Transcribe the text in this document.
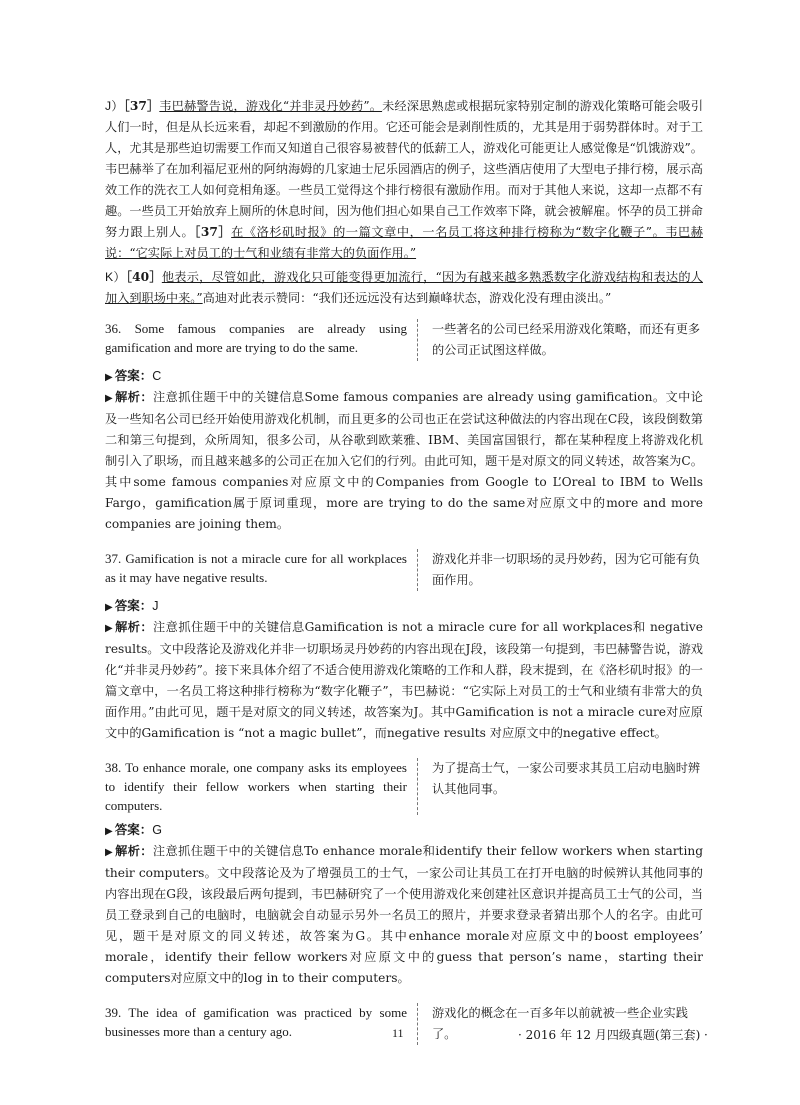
J）［37］韦巴赫警告说，游戏化“并非灵丹妙药”。未经深思熟虑或根据玩家特别定制的游戏化策略可能会吸引人们一时，但是从长远来看，却起不到激励的作用。它还可能会是剥削性质的，尤其是用于弱势群体时。对于工人，尤其是那些迫切需要工作而又知道自己很容易被替代的低薪工人，游戏化可能更让人感觉像是“饥饿游戏”。韦巴赫举了在加利福尼亚州的阿纳海姆的几家迪士尼乐园酒店的例子，这些酒店使用了大型电子排行榜，展示高效工作的洗衣工人如何竞相角逐。一些员工觉得这个排行榜很有激励作用。而对于其他人来说，这却一点都不有趣。一些员工开始放弃上厕所的休息时间，因为他们担心如果自己工作效率下降，就会被解雇。怀孕的员工拼命努力跟上别人。［37］在《洛杉矶时报》的一篇文章中，一名员工将这种排行榜称为“数字化鞭子”。韦巴赫说：“它实际上对员工的士气和业绩有非常大的负面作用。”

K）［40］他表示，尽管如此，游戏化只可能变得更加流行，“因为有越来越多熟悉数字化游戏结构和表达的人加入到职场中来。”高迪对此表示赞同：“我们还远远没有达到巅峰状态，游戏化没有理由淡出。”

36. Some famous companies are already using gamification and more are trying to do the same.
一些著名的公司已经采用游戏化策略，而还有更多的公司正试图这样做。
▶ 答案：C

▶ 解析：注意抓住题干中的关键信息Some famous companies are already using gamification。文中论及一些知名公司已经开始使用游戏化机制，而且更多的公司也正在尝试这种做法的内容出现在C段，该段倒数第二和第三句提到，众所周知，很多公司，从谷歌到欧莱雅、IBM、美国富国银行，都在某种程度上将游戏化机制引入了职场，而且越来越多的公司正在加入它们的行列。由此可知，题干是对原文的同义转述，故答案为C。其中some famous companies对应原文中的Companies from Google to L’Oreal to IBM to Wells Fargo，gamification属于原词重现，more are trying to do the same对应原文中的more and more companies are joining them。

37. Gamification is not a miracle cure for all workplaces as it may have negative results.
游戏化并非一切职场的灵丹妙药，因为它可能有负面作用。
▶ 答案：J

▶ 解析：注意抓住题干中的关键信息Gamification is not a miracle cure for all workplaces和 negative results。文中段落论及游戏化并非一切职场灵丹妙药的内容出现在J段，该段第一句提到，韦巴赫警告说，游戏化“并非灵丹妙药”。接下来具体介绍了不适合使用游戏化策略的工作和人群，段末提到，在《洛杉矶时报》的一篇文章中，一名员工将这种排行榜称为“数字化鞭子”，韦巴赫说：“它实际上对员工的士气和业绩有非常大的负面作用。”由此可见，题干是对原文的同义转述，故答案为J。其中Gamification is not a miracle cure对应原文中的Gamification is “not a magic bullet”，而negative results 对应原文中的negative effect。

38. To enhance morale, one company asks its employees to identify their fellow workers when starting their computers.
为了提高士气，一家公司要求其员工启动电脑时辨认其他同事。
▶ 答案：G

▶ 解析：注意抓住题干中的关键信息To enhance morale和identify their fellow workers when starting their computers。文中段落论及为了增强员工的士气，一家公司让其员工在打开电脑的时候辨认其他同事的内容出现在G段，该段最后两句提到，韦巴赫研究了一个使用游戏化来创建社区意识并提高员工士气的公司，当员工登录到自己的电脑时，电脑就会自动显示另外一名员工的照片，并要求登录者猜出那个人的名字。由此可见，题干是对原文的同义转述，故答案为G。其中enhance morale对应原文中的boost employees’ morale，identify their fellow workers对应原文中的guess that person’s name，starting their computers对应原文中的log in to their computers。

39. The idea of gamification was practiced by some businesses more than a century ago.
游戏化的概念在一百多年以前就被一些企业实践了。
11	· 2016 年 12 月四级真题(第三套) ·
